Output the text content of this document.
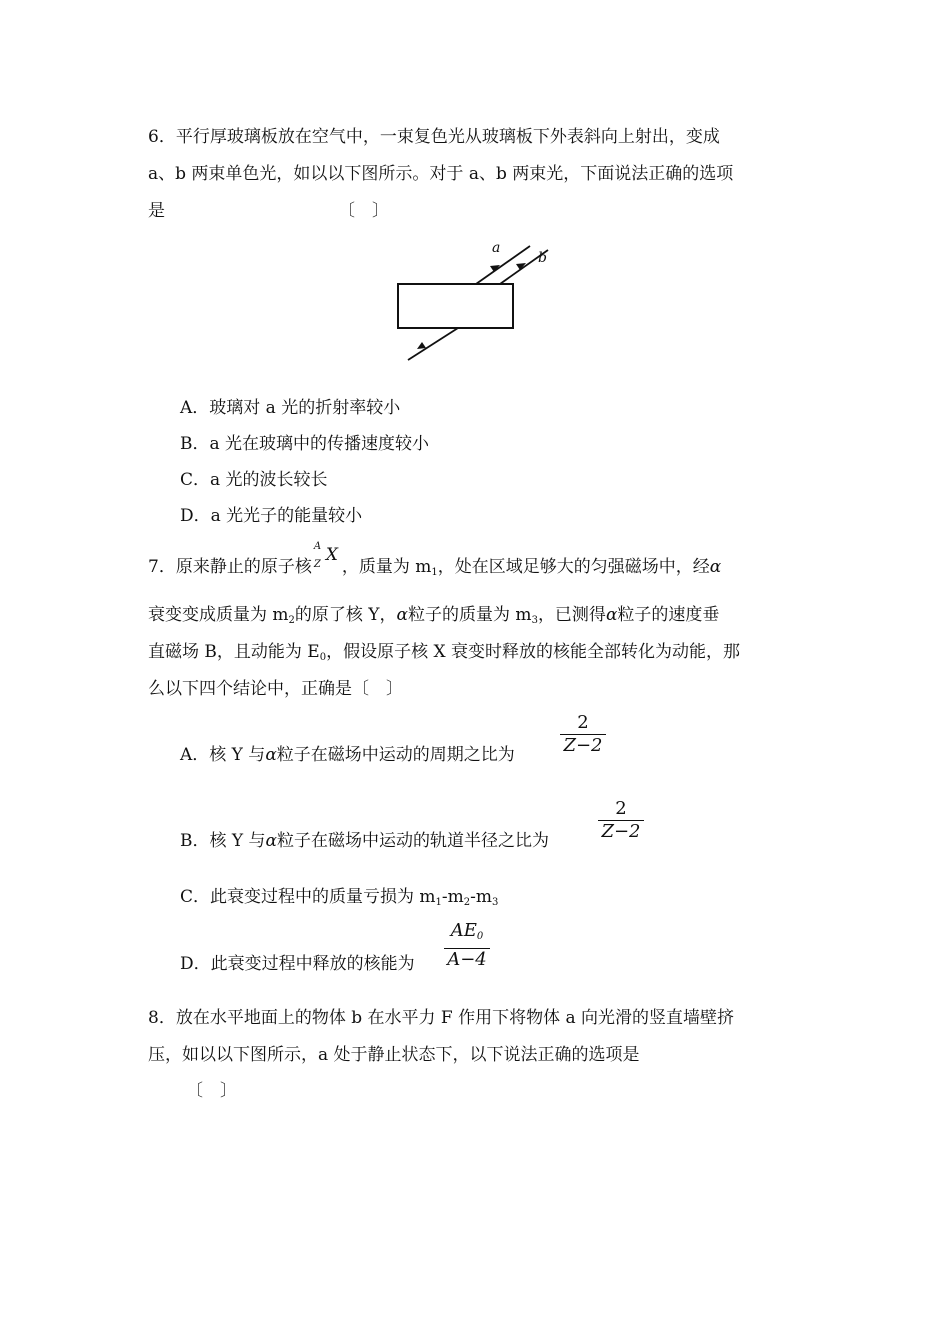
6．平行厚玻璃板放在空气中，一束复色光从玻璃板下外表斜向上射出，变成
a、b 两束单色光，如以以下图所示。对于 a、b 两束光，下面说法正确的选项
是	〔　〕
a
b
A．玻璃对 a 光的折射率较小
B．a 光在玻璃中的传播速度较小
C．a 光的波长较长
D．a 光光子的能量较小
7．原来静止的原子核
A
Z X
，质量为 $m_1$，处在区域足够大的匀强磁场中，经α
衰变变成质量为 $m_2$的原了核 Y，α粒子的质量为 $m_3$，已测得α粒子的速度垂
直磁场 B，且动能为 $E_0$，假设原子核 X 衰变时释放的核能全部转化为动能，那
么以下四个结论中，正确是〔　〕
A．核 Y 与α粒子在磁场中运动的周期之比为
2
Z−2
B．核 Y 与α粒子在磁场中运动的轨道半径之比为
2
Z−2
C．此衰变过程中的质量亏损为 $m_1-m_2-m_3$
D．此衰变过程中释放的核能为
$AE_0$
A−4
8．放在水平地面上的物体 b 在水平力 F 作用下将物体 a 向光滑的竖直墙壁挤
压，如以以下图所示，a 处于静止状态下，以下说法正确的选项是
〔　〕
